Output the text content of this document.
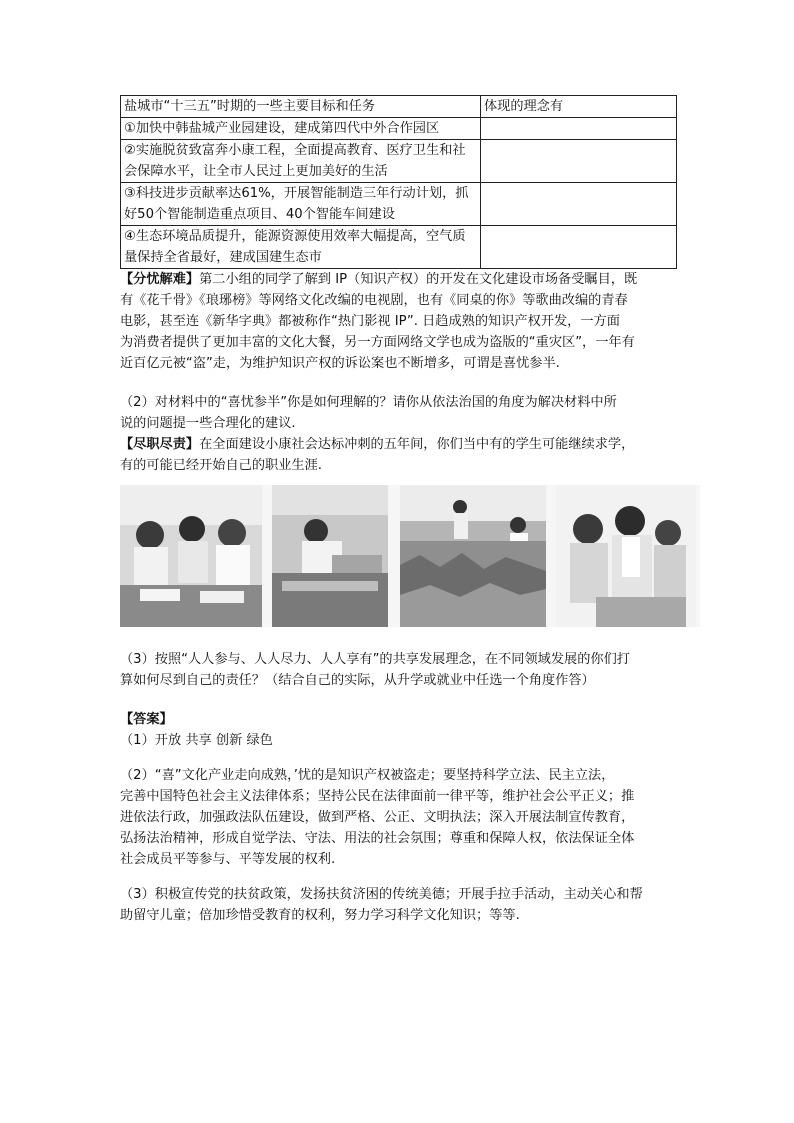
盐城市“十三五”时期的一些主要目标和任务	体现的理念有
①加快中韩盐城产业园建设，建成第四代中外合作园区	
②实施脱贫致富奔小康工程，全面提高教育、医疗卫生和社会保障水平，让全市人民过上更加美好的生活	
③科技进步贡献率达61%，开展智能制造三年行动计划，抓好50个智能制造重点项目、40个智能车间建设	
④生态环境品质提升，能源资源使用效率大幅提高，空气质量保持全省最好，建成国建生态市	

【分忧解难】第二小组的同学了解到 IP（知识产权）的开发在文化建设市场备受瞩目，既

有《花千骨》《琅琊榜》等网络文化改编的电视剧，也有《同桌的你》等歌曲改编的青春

电影，甚至连《新华字典》都被称作“热门影视 IP”. 日趋成熟的知识产权开发，一方面

为消费者提供了更加丰富的文化大餐，另一方面网络文学也成为盗版的“重灾区”，一年有

近百亿元被“盗”走，为维护知识产权的诉讼案也不断增多，可谓是喜忧参半.

（2）对材料中的“喜忧参半”你是如何理解的？请你从依法治国的角度为解决材料中所

说的问题提一些合理化的建议.

【尽职尽责】在全面建设小康社会达标冲刺的五年间，你们当中有的学生可能继续求学，

有的可能已经开始自己的职业生涯.

（3）按照“人人参与、人人尽力、人人享有”的共享发展理念，在不同领域发展的你们打

算如何尽到自己的责任？（结合自己的实际，从升学或就业中任选一个角度作答）

【答案】

（1）开放 共享 创新 绿色

（2）“喜”文化产业走向成熟，’忧的是知识产权被盗走；要坚持科学立法、民主立法，

完善中国特色社会主义法律体系；坚持公民在法律面前一律平等，维护社会公平正义；推

进依法行政，加强政法队伍建设，做到严格、公正、文明执法；深入开展法制宣传教育，

弘扬法治精神，形成自觉学法、守法、用法的社会氛围；尊重和保障人权，依法保证全体

社会成员平等参与、平等发展的权利.

（3）积极宣传党的扶贫政策，发扬扶贫济困的传统美德；开展手拉手活动，主动关心和帮

助留守儿童；倍加珍惜受教育的权利，努力学习科学文化知识；等等.
